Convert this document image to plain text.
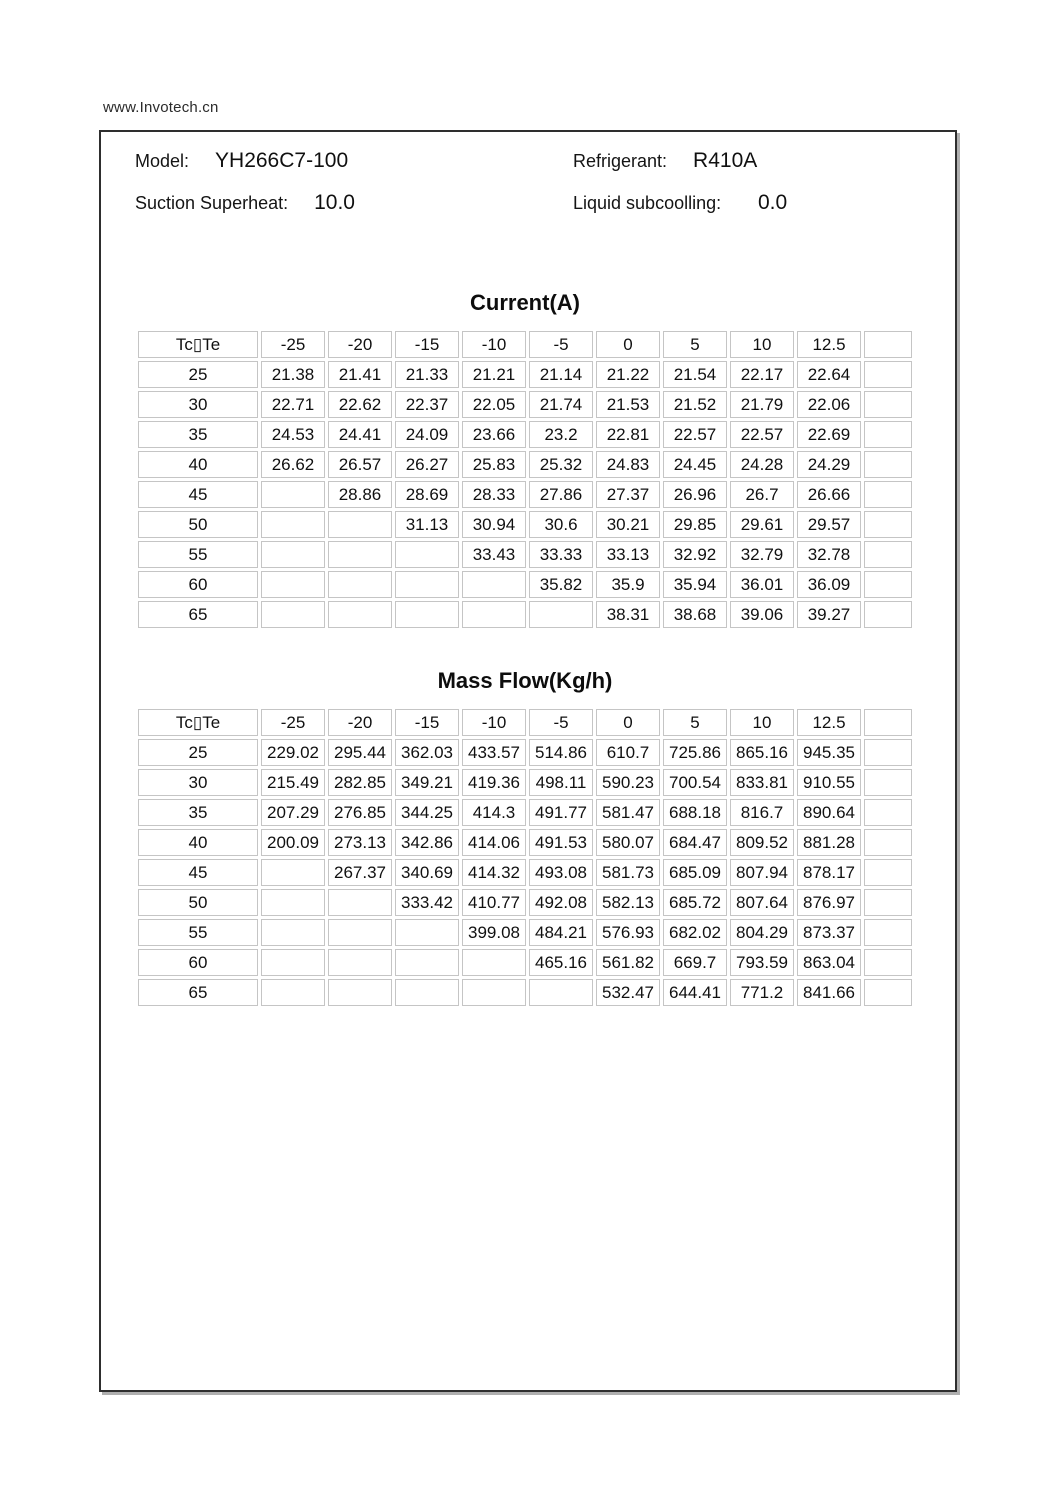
www.Invotech.cn
Model: YH266C7-100	Refrigerant: R410A
Suction Superheat: 10.0	Liquid subcoolling:	0.0
Current(A)
Tc▯Te	-25	-20	-15	-10	-5	0	5	10	12.5	
25	21.38	21.41	21.33	21.21	21.14	21.22	21.54	22.17	22.64	
30	22.71	22.62	22.37	22.05	21.74	21.53	21.52	21.79	22.06	
35	24.53	24.41	24.09	23.66	23.2	22.81	22.57	22.57	22.69	
40	26.62	26.57	26.27	25.83	25.32	24.83	24.45	24.28	24.29	
45		28.86	28.69	28.33	27.86	27.37	26.96	26.7	26.66	
50			31.13	30.94	30.6	30.21	29.85	29.61	29.57	
55				33.43	33.33	33.13	32.92	32.79	32.78	
60					35.82	35.9	35.94	36.01	36.09	
65						38.31	38.68	39.06	39.27	
Mass Flow(Kg/h)
Tc▯Te	-25	-20	-15	-10	-5	0	5	10	12.5	
25	229.02	295.44	362.03	433.57	514.86	610.7	725.86	865.16	945.35	
30	215.49	282.85	349.21	419.36	498.11	590.23	700.54	833.81	910.55	
35	207.29	276.85	344.25	414.3	491.77	581.47	688.18	816.7	890.64	
40	200.09	273.13	342.86	414.06	491.53	580.07	684.47	809.52	881.28	
45		267.37	340.69	414.32	493.08	581.73	685.09	807.94	878.17	
50			333.42	410.77	492.08	582.13	685.72	807.64	876.97	
55				399.08	484.21	576.93	682.02	804.29	873.37	
60					465.16	561.82	669.7	793.59	863.04	
65						532.47	644.41	771.2	841.66	
